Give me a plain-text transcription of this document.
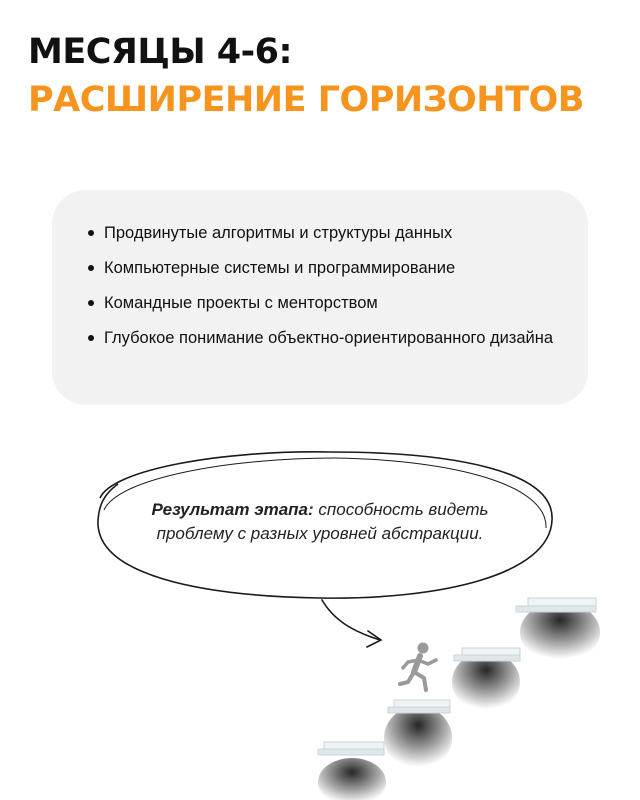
МЕСЯЦЫ 4-6:
РАСШИРЕНИЕ ГОРИЗОНТОВ
Продвинутые алгоритмы и структуры данных
Компьютерные системы и программирование
Командные проекты с менторством
Глубокое понимание объектно-ориентированного дизайна
Результат этапа: способность видеть проблему с разных уровней абстракции.
